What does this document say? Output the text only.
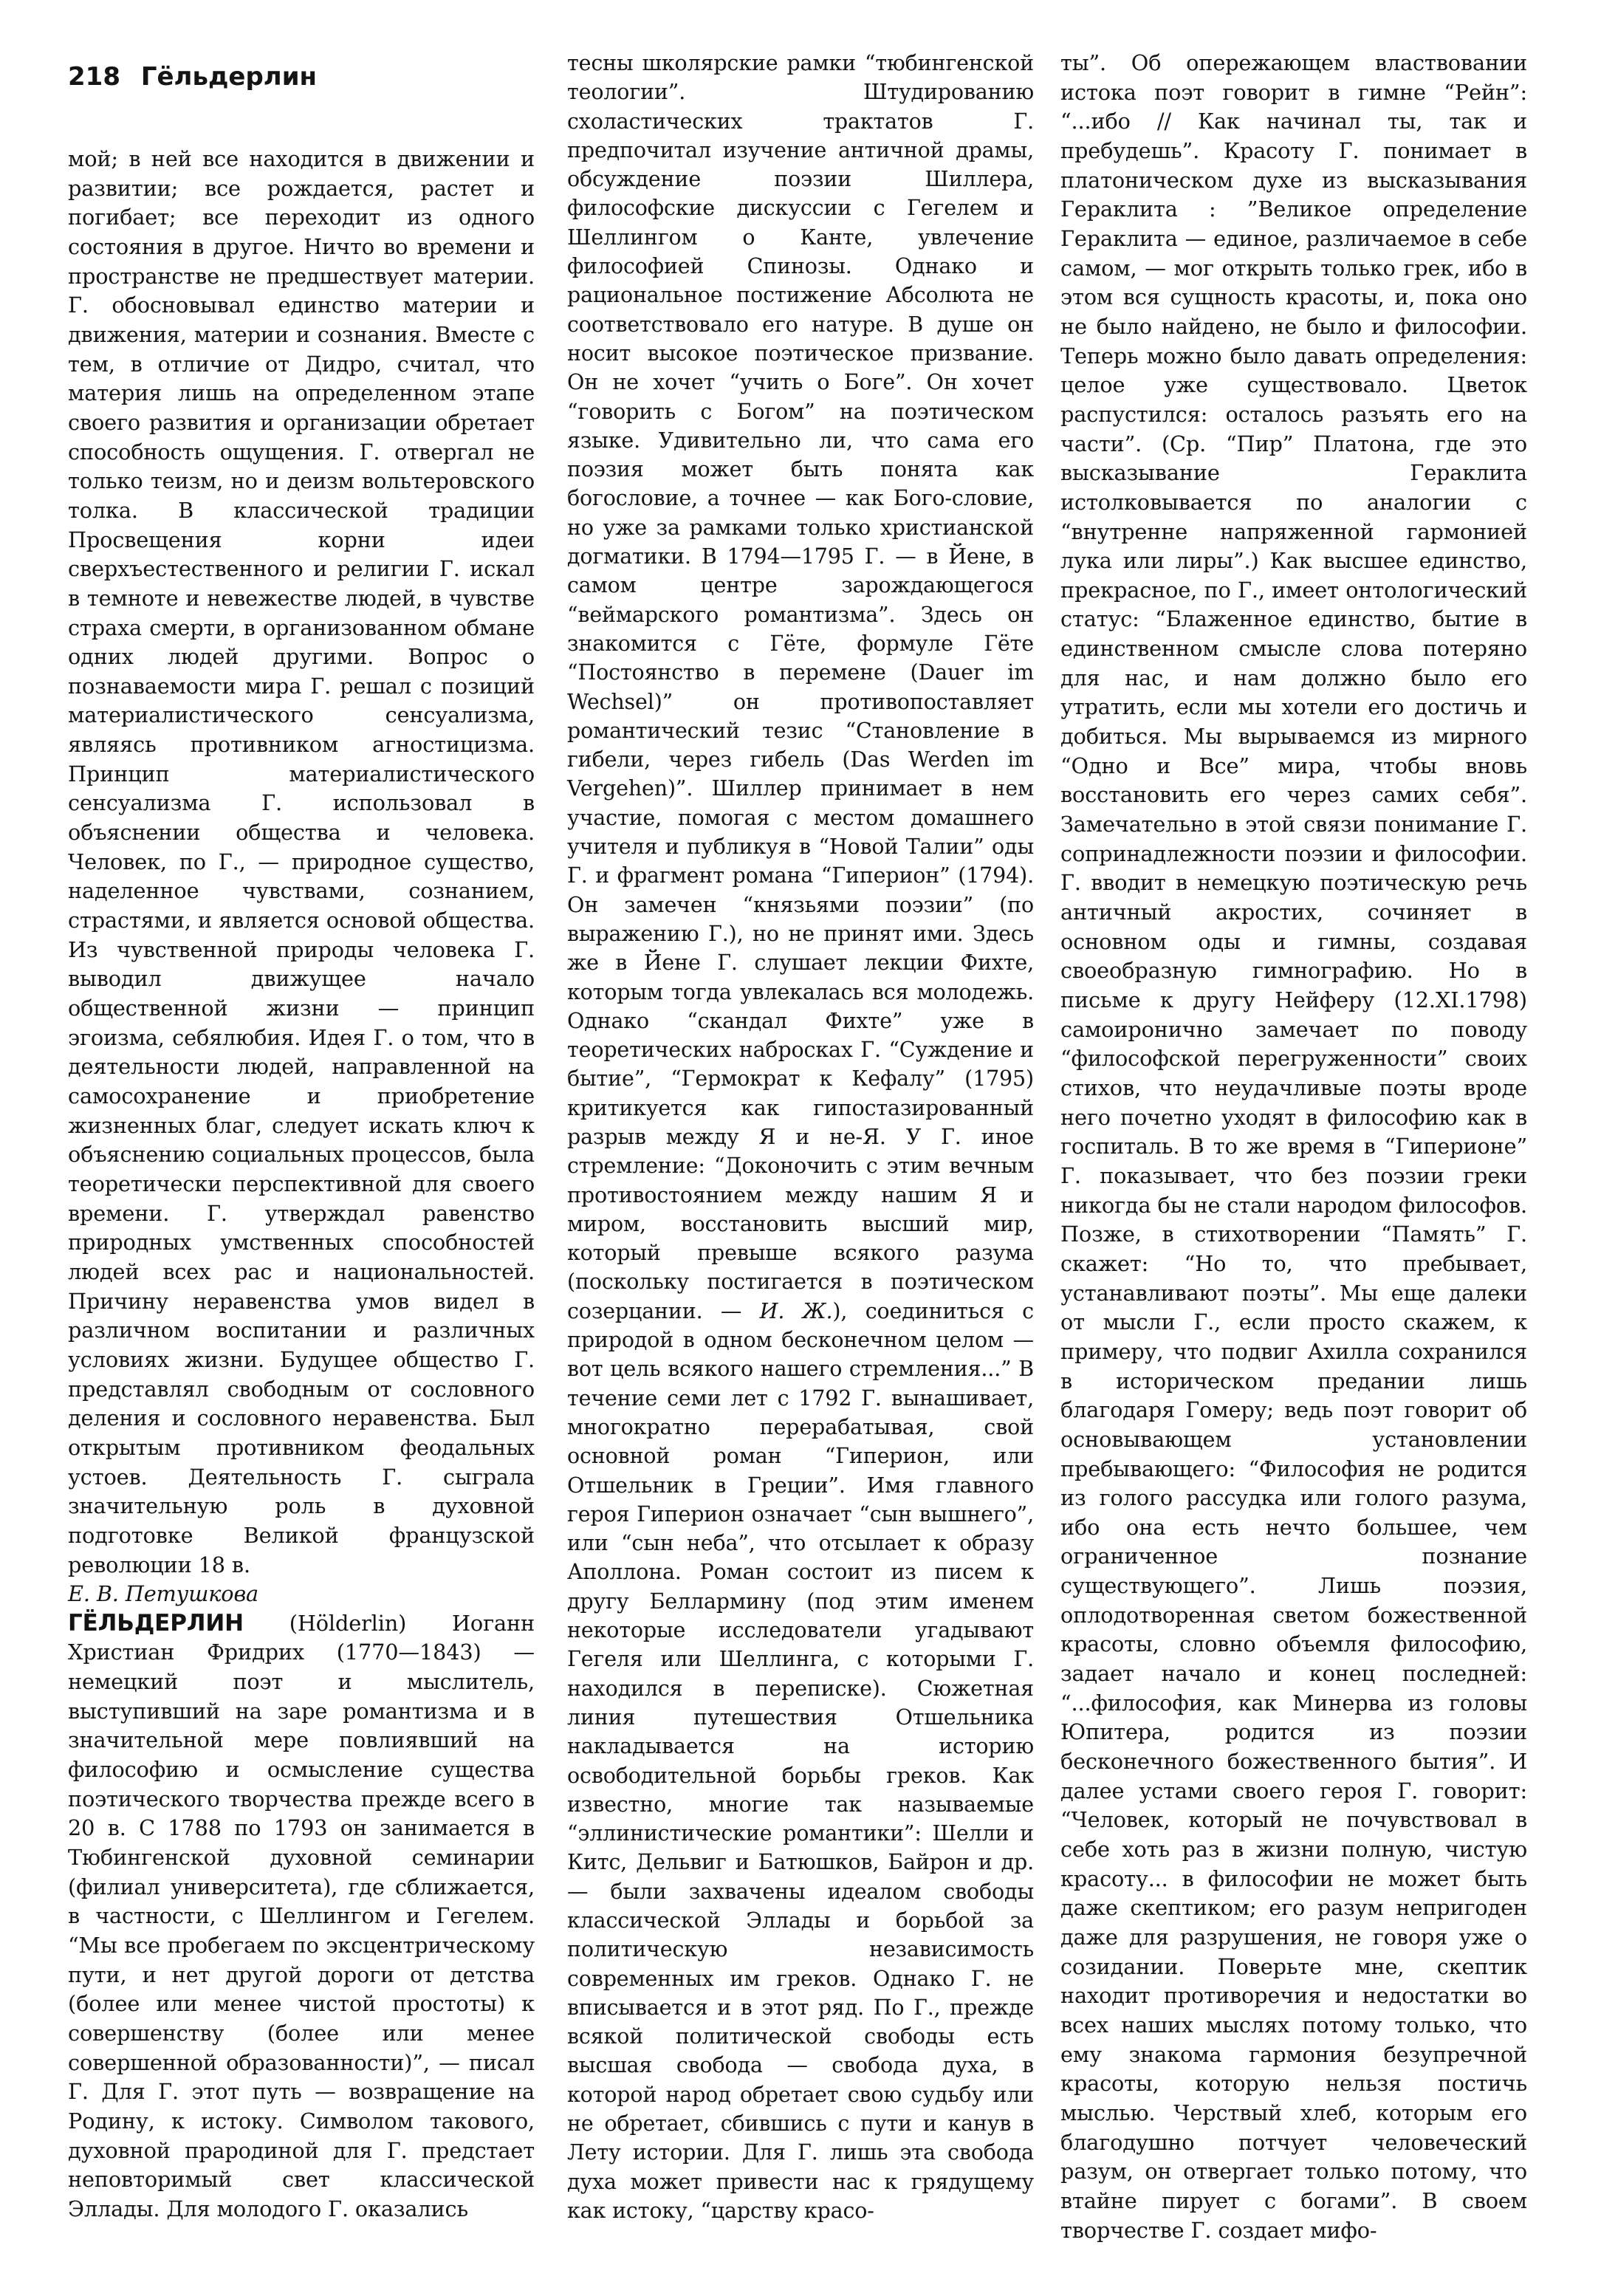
218 Гёльдерлин

мой; в ней все находится в движении и развитии; все рождается, растет и погибает; все переходит из одного состояния в другое. Ничто во времени и пространстве не предшествует материи. Г. обосновывал единство материи и движения, материи и сознания. Вместе с тем, в отличие от Дидро, считал, что материя лишь на определенном этапе своего развития и организации обретает способность ощущения. Г. отвергал не только теизм, но и деизм вольтеровского толка. В классической традиции Просвещения корни идеи сверхъестественного и религии Г. искал в темноте и невежестве людей, в чувстве страха смерти, в организованном обмане одних людей другими. Вопрос о познаваемости мира Г. решал с позиций материалистического сенсуализма, являясь противником агностицизма. Принцип материалистического сенсуализма Г. использовал в объяснении общества и человека. Человек, по Г., — природное существо, наделенное чувствами, сознанием, страстями, и является основой общества. Из чувственной природы человека Г. выводил движущее начало общественной жизни — принцип эгоизма, себялюбия. Идея Г. о том, что в деятельности людей, направленной на самосохранение и приобретение жизненных благ, следует искать ключ к объяснению социальных процессов, была теоретически перспективной для своего времени. Г. утверждал равенство природных умственных способностей людей всех рас и национальностей. Причину неравенства умов видел в различном воспитании и различных условиях жизни. Будущее общество Г. представлял свободным от сословного деления и сословного неравенства. Был открытым противником феодальных устоев. Деятельность Г. сыграла значительную роль в духовной подготовке Великой французской революции 18 в.

Е. В. Петушкова

ГЁЛЬДЕРЛИН (Hölderlin) Иоганн Христиан Фридрих (1770—1843) — немецкий поэт и мыслитель, выступивший на заре романтизма и в значительной мере повлиявший на философию и осмысление существа поэтического творчества прежде всего в 20 в. С 1788 по 1793 он занимается в Тюбингенской духовной семинарии (филиал университета), где сближается, в частности, с Шеллингом и Гегелем. “Мы все пробегаем по эксцентрическому пути, и нет другой дороги от детства (более или менее чистой простоты) к совершенству (более или менее совершенной образованности)”, — писал Г. Для Г. этот путь — возвращение на Родину, к истоку. Символом такового, духовной прародиной для Г. предстает неповторимый свет классической Эллады. Для молодого Г. оказались

тесны школярские рамки “тюбингенской теологии”. Штудированию схоластических трактатов Г. предпочитал изучение античной драмы, обсуждение поэзии Шиллера, философские дискуссии с Гегелем и Шеллингом о Канте, увлечение философией Спинозы. Однако и рациональное постижение Абсолюта не соответствовало его натуре. В душе он носит высокое поэтическое призвание. Он не хочет “учить о Боге”. Он хочет “говорить с Богом” на поэтическом языке. Удивительно ли, что сама его поэзия может быть понята как богословие, а точнее — как Бого-словие, но уже за рамками только христианской догматики. В 1794—1795 Г. — в Йене, в самом центре зарождающегося “веймарского романтизма”. Здесь он знакомится с Гёте, формуле Гёте “Постоянство в перемене (Dauer im Wechsel)” он противопоставляет романтический тезис “Становление в гибели, через гибель (Das Werden im Vergehen)”. Шиллер принимает в нем участие, помогая с местом домашнего учителя и публикуя в “Новой Талии” оды Г. и фрагмент романа “Гиперион” (1794). Он замечен “князьями поэзии” (по выражению Г.), но не принят ими. Здесь же в Йене Г. слушает лекции Фихте, которым тогда увлекалась вся молодежь. Однако “скандал Фихте” уже в теоретических набросках Г. “Суждение и бытие”, “Гермократ к Кефалу” (1795) критикуется как гипостазированный разрыв между Я и не-Я. У Г. иное стремление: “Доконочить с этим вечным противостоянием между нашим Я и миром, восстановить высший мир, который превыше всякого разума (поскольку постигается в поэтическом созерцании. — И. Ж.), соединиться с природой в одном бесконечном целом — вот цель всякого нашего стремления...” В течение семи лет с 1792 Г. вынашивает, многократно перерабатывая, свой основной роман “Гиперион, или Отшельник в Греции”. Имя главного героя Гиперион означает “сын вышнего”, или “сын неба”, что отсылает к образу Аполлона. Роман состоит из писем к другу Беллармину (под этим именем некоторые исследователи угадывают Гегеля или Шеллинга, с которыми Г. находился в переписке). Сюжетная линия путешествия Отшельника накладывается на историю освободительной борьбы греков. Как известно, многие так называемые “эллинистические романтики”: Шелли и Китс, Дельвиг и Батюшков, Байрон и др. — были захвачены идеалом свободы классической Эллады и борьбой за политическую независимость современных им греков. Однако Г. не вписывается и в этот ряд. По Г., прежде всякой политической свободы есть высшая свобода — свобода духа, в которой народ обретает свою судьбу или не обретает, сбившись с пути и канув в Лету истории. Для Г. лишь эта свобода духа может привести нас к грядущему как истоку, “царству красо-

ты”. Об опережающем властвовании истока поэт говорит в гимне “Рейн”: “...ибо // Как начинал ты, так и пребудешь”. Красоту Г. понимает в платоническом духе из высказывания Гераклита : ”Великое определение Гераклита — единое, различаемое в себе самом, — мог открыть только грек, ибо в этом вся сущность красоты, и, пока оно не было найдено, не было и философии. Теперь можно было давать определения: целое уже существовало. Цветок распустился: осталось разъять его на части”. (Ср. “Пир” Платона, где это высказывание Гераклита истолковывается по аналогии с “внутренне напряженной гармонией лука или лиры”.) Как высшее единство, прекрасное, по Г., имеет онтологический статус: “Блаженное единство, бытие в единственном смысле слова потеряно для нас, и нам должно было его утратить, если мы хотели его достичь и добиться. Мы вырываемся из мирного “Одно и Все” мира, чтобы вновь восстановить его через самих себя”. Замечательно в этой связи понимание Г. сопринадлежности поэзии и философии. Г. вводит в немецкую поэтическую речь античный акростих, сочиняет в основном оды и гимны, создавая своеобразную гимнографию. Но в письме к другу Нейферу (12.XI.1798) самоиронично замечает по поводу “философской перегруженности” своих стихов, что неудачливые поэты вроде него почетно уходят в философию как в госпиталь. В то же время в “Гиперионе” Г. показывает, что без поэзии греки никогда бы не стали народом философов. Позже, в стихотворении “Память” Г. скажет: “Но то, что пребывает, устанавливают поэты”. Мы еще далеки от мысли Г., если просто скажем, к примеру, что подвиг Ахилла сохранился в историческом предании лишь благодаря Гомеру; ведь поэт говорит об основывающем установлении пребывающего: “Философия не родится из голого рассудка или голого разума, ибо она есть нечто большее, чем ограниченное познание существующего”. Лишь поэзия, оплодотворенная светом божественной красоты, словно объемля философию, задает начало и конец последней: “...философия, как Минерва из головы Юпитера, родится из поэзии бесконечного божественного бытия”. И далее устами своего героя Г. говорит: “Человек, который не почувствовал в себе хоть раз в жизни полную, чистую красоту... в философии не может быть даже скептиком; его разум непригоден даже для разрушения, не говоря уже о созидании. Поверьте мне, скептик находит противоречия и недостатки во всех наших мыслях потому только, что ему знакома гармония безупречной красоты, которую нельзя постичь мыслью. Черствый хлеб, которым его благодушно потчует человеческий разум, он отвергает только потому, что втайне пирует с богами”. В своем творчестве Г. создает мифо-
